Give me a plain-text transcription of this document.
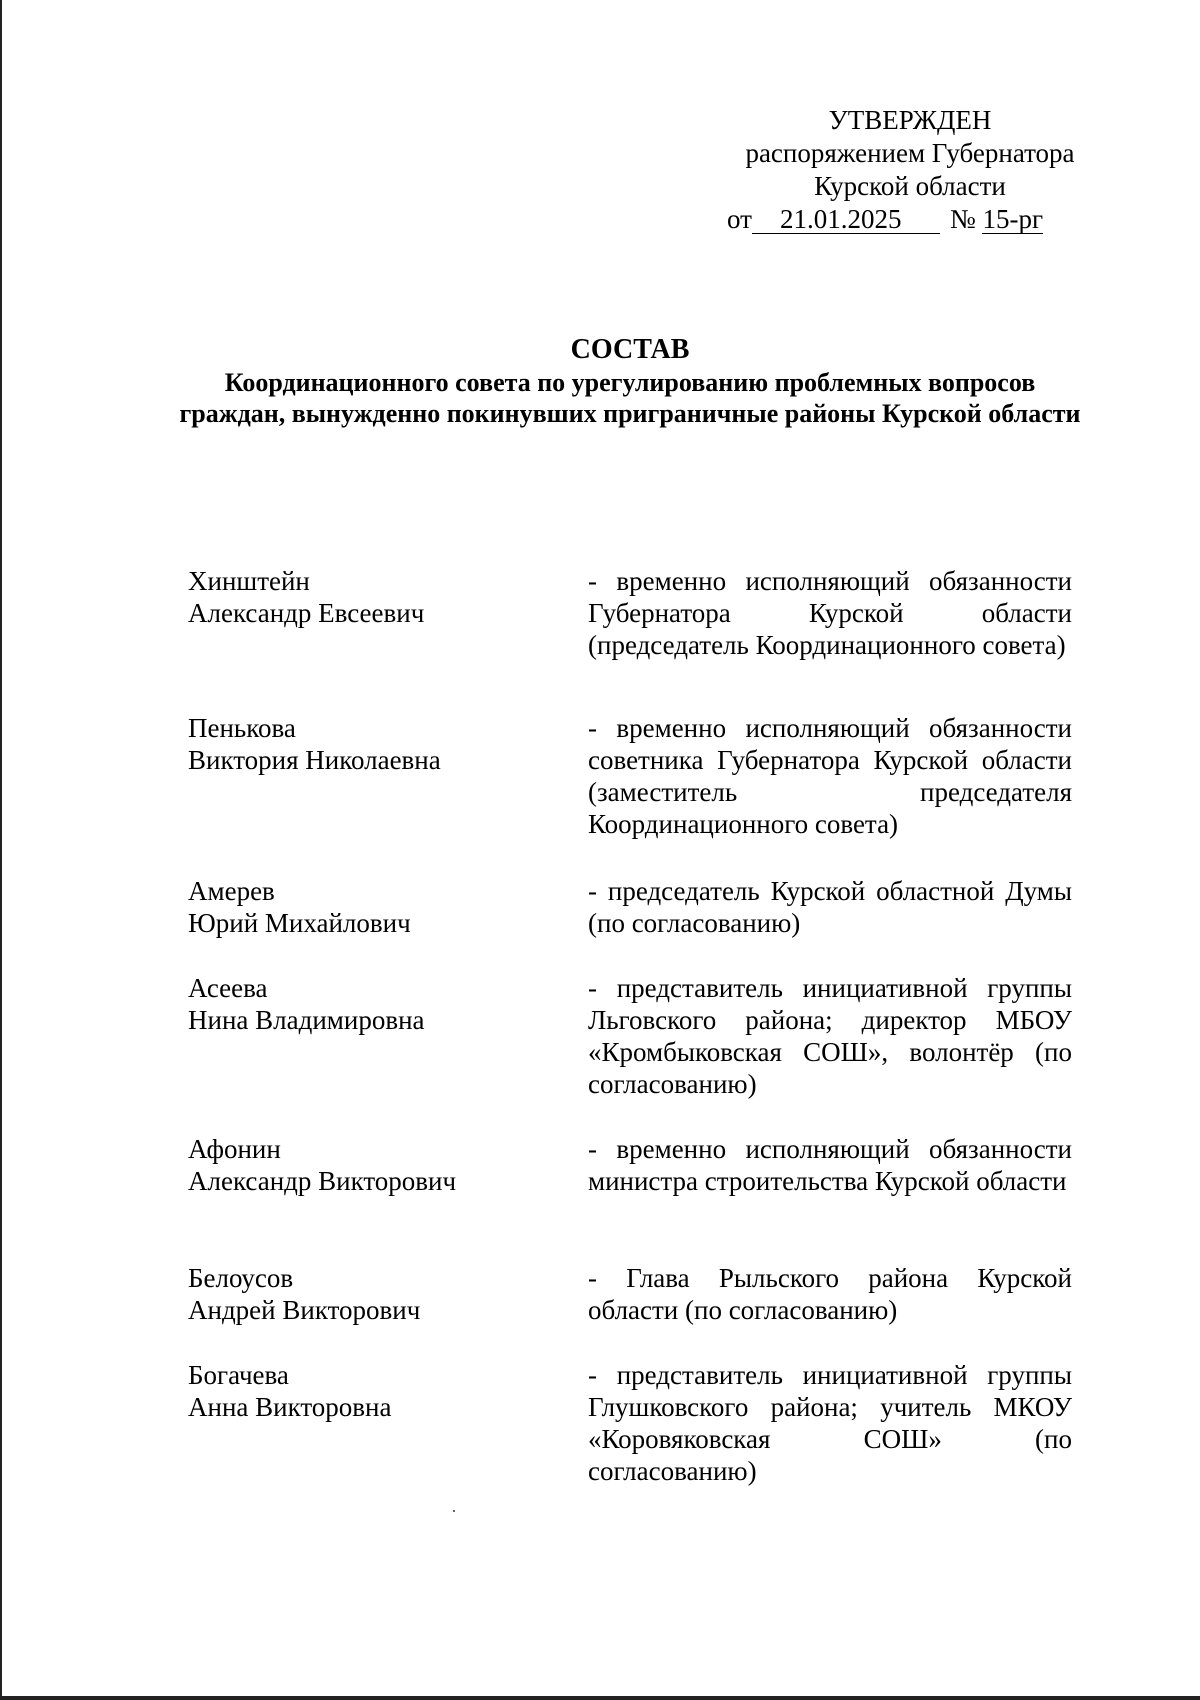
УТВЕРЖДЕН
распоряжением Губернатора
Курской области
от 21.01.2025 № 15-рг
СОСТАВ
Координационного совета по урегулированию проблемных вопросов граждан, вынужденно покинувших приграничные районы Курской области
Хинштейн
Александр Евсеевич
- временно исполняющий обязанности Губернатора Курской области (председатель Координационного совета)
Пенькова
Виктория Николаевна
- временно исполняющий обязанности советника Губернатора Курской области (заместитель председателя Координационного совета)
Амерев
Юрий Михайлович
- председатель Курской областной Думы (по согласованию)
Асеева
Нина Владимировна
- представитель инициативной группы Льговского района; директор МБОУ «Кромбыковская СОШ», волонтёр (по согласованию)
Афонин
Александр Викторович
- временно исполняющий обязанности министра строительства Курской области
Белоусов
Андрей Викторович
- Глава Рыльского района Курской области (по согласованию)
Богачева
Анна Викторовна
- представитель инициативной группы Глушковского района; учитель МКОУ «Коровяковская СОШ» (по согласованию)
